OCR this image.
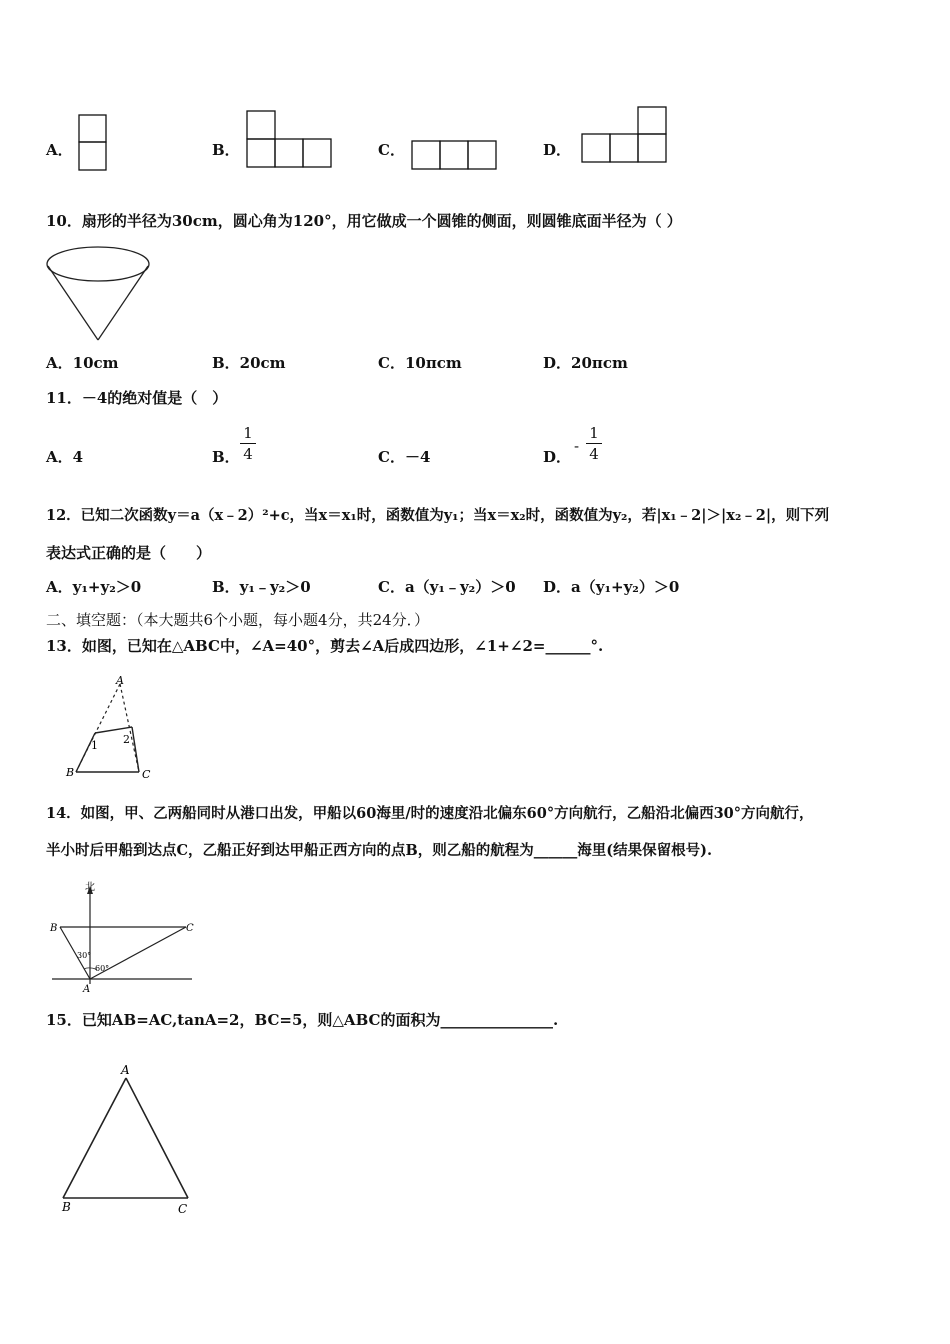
A．	B．	C．	D．
10．扇形的半径为30cm，圆心角为120°，用它做成一个圆锥的侧面，则圆锥底面半径为（ ）
A．10cm	B．20cm	C．10πcm	D．20πcm
11．－4的绝对值是（　）
A．4	B．
1
4	C．－4	D．
-
1
4
12．已知二次函数y＝a（x﹣2）²+c，当x＝x₁时，函数值为y₁；当x＝x₂时，函数值为y₂，若|x₁﹣2|＞|x₂﹣2|，则下列
表达式正确的是（　　）
A．y₁+y₂＞0	B．y₁﹣y₂＞0	C．a（y₁﹣y₂）＞0 D．a（y₁+y₂）＞0
二、填空题：（本大题共6个小题，每小题4分，共24分．）
13．如图，已知在△ABC中，∠A=40°，剪去∠A后成四边形，∠1+∠2=______°.
A
B	C
1 2
14．如图，甲、乙两船同时从港口出发，甲船以60海里/时的速度沿北偏东60°方向航行，乙船沿北偏西30°方向航行，
半小时后甲船到达点C，乙船正好到达甲船正西方向的点B，则乙船的航程为______海里(结果保留根号).
北
B	C
A
30°
60°
15．已知AB=AC,tanA=2，BC=5，则△ABC的面积为_______________.
A
B	C
